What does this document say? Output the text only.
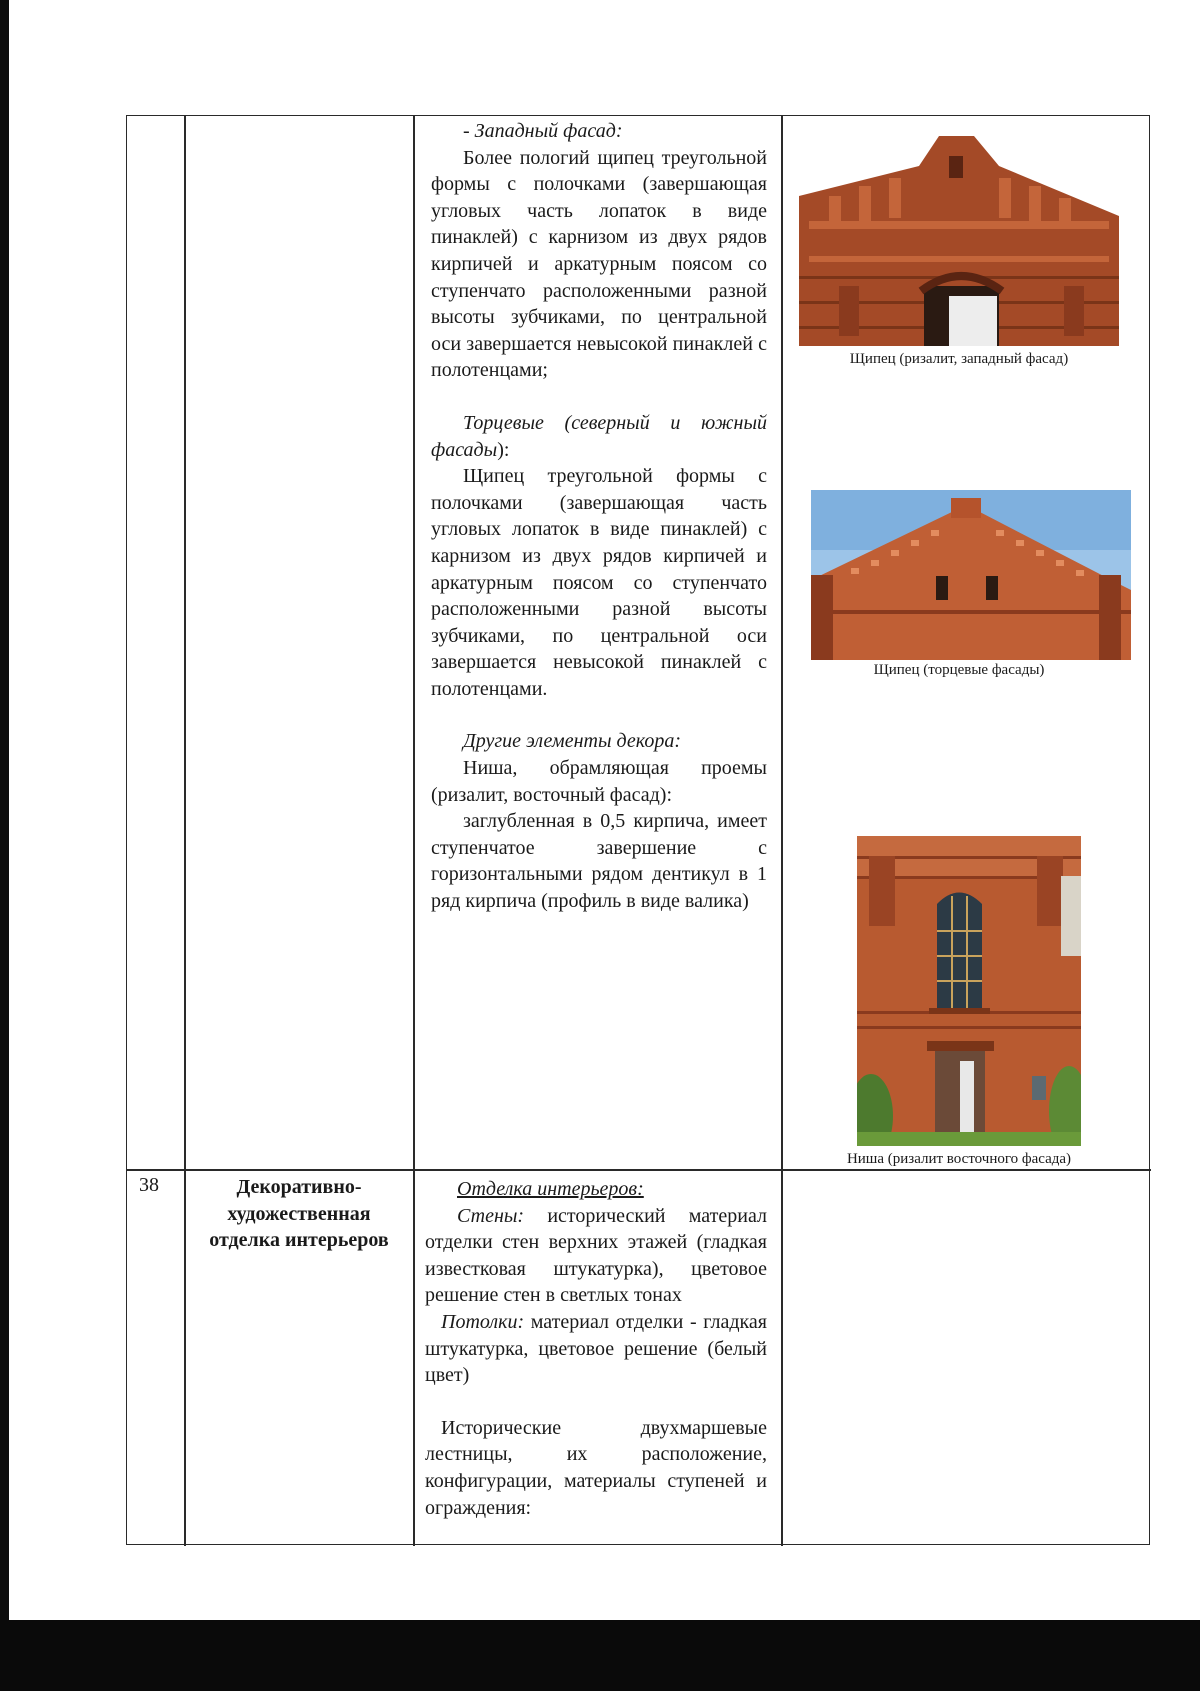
- Западный фасад:

Более пологий щипец треугольной формы с полочками (завершающая угловых часть лопаток в виде пинаклей) с карнизом из двух рядов кирпичей и аркатурным поясом со ступенчато расположенными разной высоты зубчиками, по центральной оси завершается невысокой пинаклей с полотенцами;

Торцевые (северный и южный фасады):

Щипец треугольной формы с полочками (завершающая часть угловых лопаток в виде пинаклей) с карнизом из двух рядов кирпичей и аркатурным поясом со ступенчато расположенными разной высоты зубчиками, по центральной оси завершается невысокой пинаклей с полотенцами.

Другие элементы декора:

Ниша, обрамляющая проемы (ризалит, восточный фасад):

заглубленная в 0,5 кирпича, имеет ступенчатое завершение с горизонтальными рядом дентикул в 1 ряд кирпича (профиль в виде валика)

Щипец (ризалит, западный фасад)
Щипец (торцевые фасады)
Ниша (ризалит восточного фасада)
38	Декоративно-художественная отделка интерьеров

Отделка интерьеров:

Стены: исторический материал отделки стен верхних этажей (гладкая известковая штукатурка), цветовое решение стен в светлых тонах

Потолки: материал отделки - гладкая штукатурка, цветовое решение (белый цвет)

Исторические двухмаршевые лестницы, их расположение, конфигурации, материалы ступеней и ограждения:
